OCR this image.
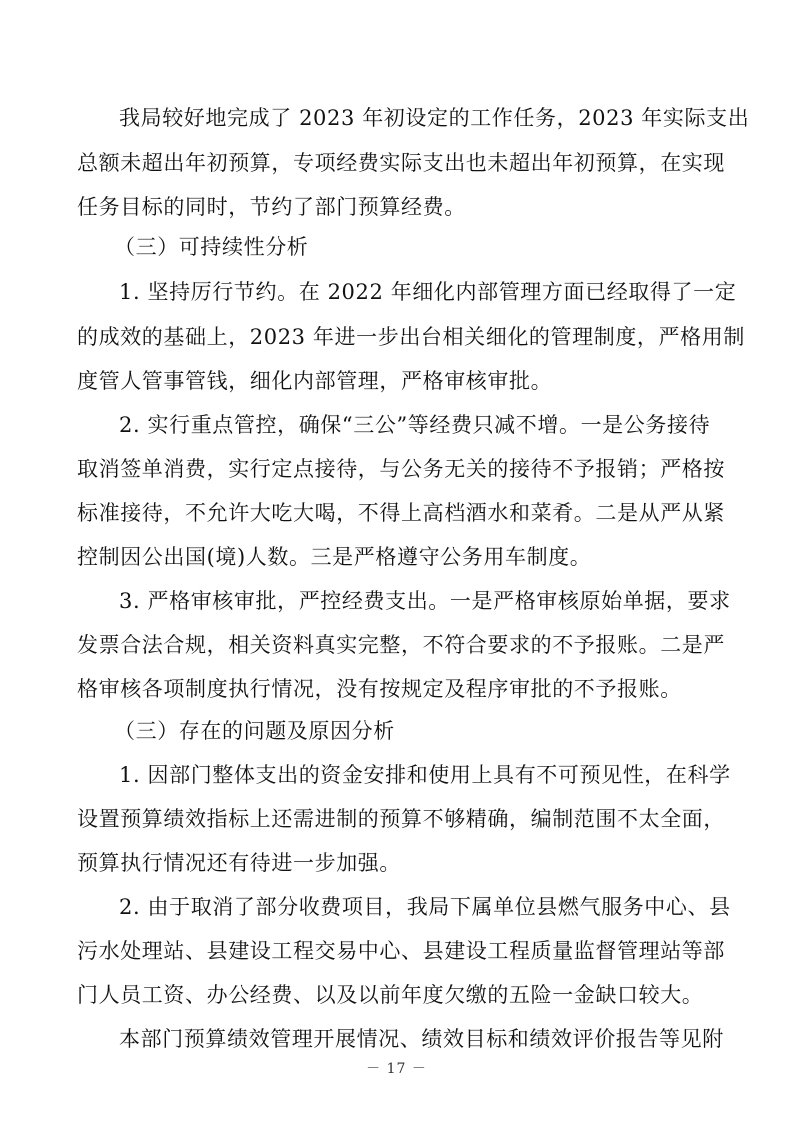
我局较好地完成了 2023 年初设定的工作任务，2023 年实际支出
总额未超出年初预算，专项经费实际支出也未超出年初预算，在实现
任务目标的同时，节约了部门预算经费。
（三）可持续性分析
1. 坚持厉行节约。在 2022 年细化内部管理方面已经取得了一定
的成效的基础上，2023 年进一步出台相关细化的管理制度，严格用制
度管人管事管钱，细化内部管理，严格审核审批。
2. 实行重点管控，确保“三公”等经费只减不增。一是公务接待
取消签单消费，实行定点接待，与公务无关的接待不予报销；严格按
标准接待，不允许大吃大喝，不得上高档酒水和菜肴。二是从严从紧
控制因公出国(境)人数。三是严格遵守公务用车制度。
3. 严格审核审批，严控经费支出。一是严格审核原始单据，要求
发票合法合规，相关资料真实完整，不符合要求的不予报账。二是严
格审核各项制度执行情况，没有按规定及程序审批的不予报账。
（三）存在的问题及原因分析
1. 因部门整体支出的资金安排和使用上具有不可预见性，在科学
设置预算绩效指标上还需进制的预算不够精确，编制范围不太全面，
预算执行情况还有待进一步加强。
2. 由于取消了部分收费项目，我局下属单位县燃气服务中心、县
污水处理站、县建设工程交易中心、县建设工程质量监督管理站等部
门人员工资、办公经费、以及以前年度欠缴的五险一金缺口较大。
本部门预算绩效管理开展情况、绩效目标和绩效评价报告等见附
－ 17 －
